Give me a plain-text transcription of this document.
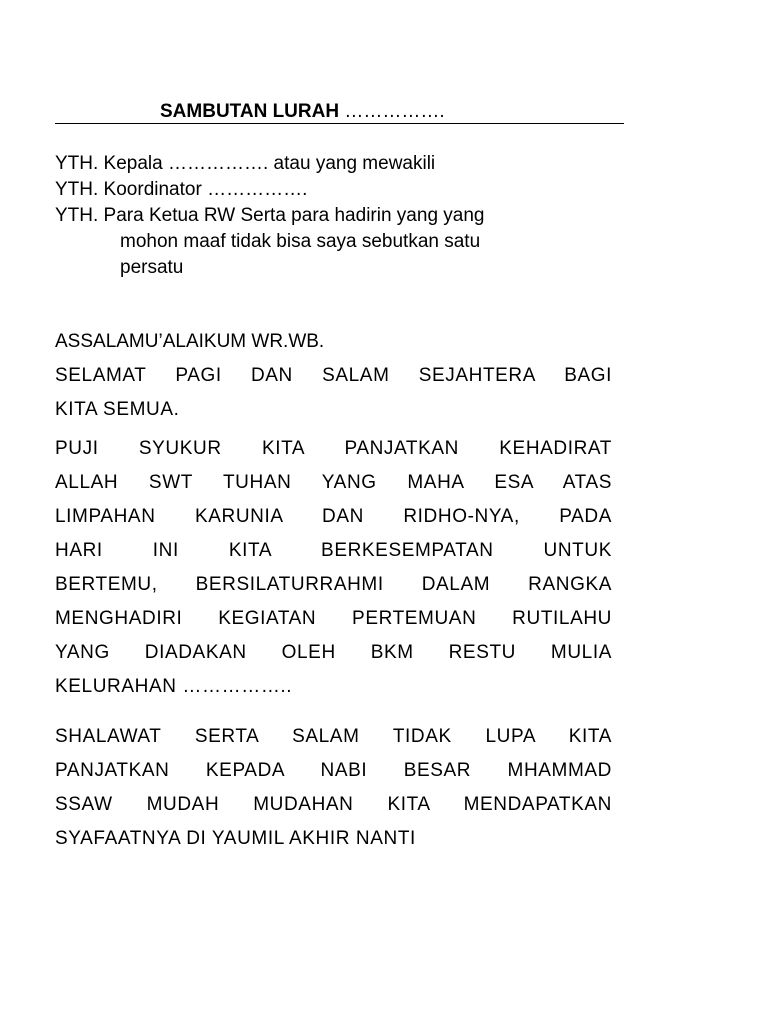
SAMBUTAN LURAH …………….
YTH. Kepala ……………. atau yang mewakili
YTH. Koordinator …………….
YTH. Para Ketua RW Serta para hadirin yang yang
mohon maaf tidak bisa saya sebutkan satu
persatu
ASSALAMU’ALAIKUM WR.WB.
SELAMAT PAGI DAN SALAM SEJAHTERA BAGI
KITA SEMUA.
PUJI SYUKUR KITA PANJATKAN KEHADIRAT
ALLAH SWT TUHAN YANG MAHA ESA ATAS
LIMPAHAN KARUNIA DAN RIDHO-NYA, PADA
HARI INI KITA BERKESEMPATAN UNTUK
BERTEMU, BERSILATURRAHMI DALAM RANGKA
MENGHADIRI KEGIATAN PERTEMUAN RUTILAHU
YANG DIADAKAN OLEH BKM RESTU MULIA
KELURAHAN ……………..
SHALAWAT SERTA SALAM TIDAK LUPA KITA
PANJATKAN KEPADA NABI BESAR MHAMMAD
SSAW MUDAH MUDAHAN KITA MENDAPATKAN
SYAFAATNYA DI YAUMIL AKHIR NANTI
